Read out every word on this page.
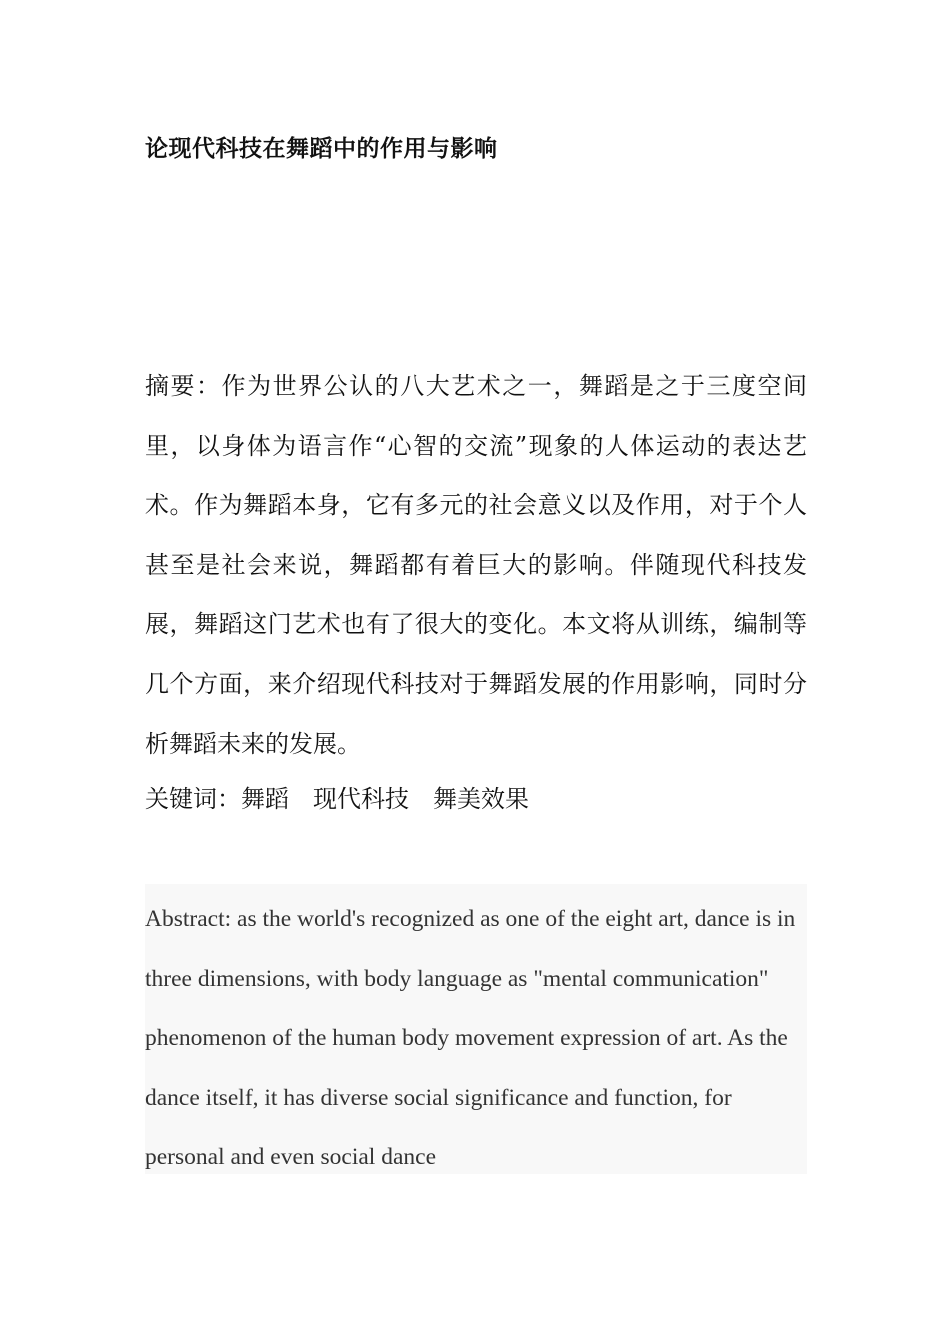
论现代科技在舞蹈中的作用与影响

摘要：作为世界公认的八大艺术之一，舞蹈是之于三度空间里，以身体为语言作“心智的交流”现象的人体运动的表达艺术。作为舞蹈本身，它有多元的社会意义以及作用，对于个人甚至是社会来说，舞蹈都有着巨大的影响。伴随现代科技发展，舞蹈这门艺术也有了很大的变化。本文将从训练，编制等几个方面，来介绍现代科技对于舞蹈发展的作用影响，同时分析舞蹈未来的发展。

关键词：舞蹈　现代科技　舞美效果

Abstract: as the world's recognized as one of the eight art, dance is in three dimensions, with body language as "mental communication" phenomenon of the human body movement expression of art. As the dance itself, it has diverse social significance and function, for personal and even social dance
